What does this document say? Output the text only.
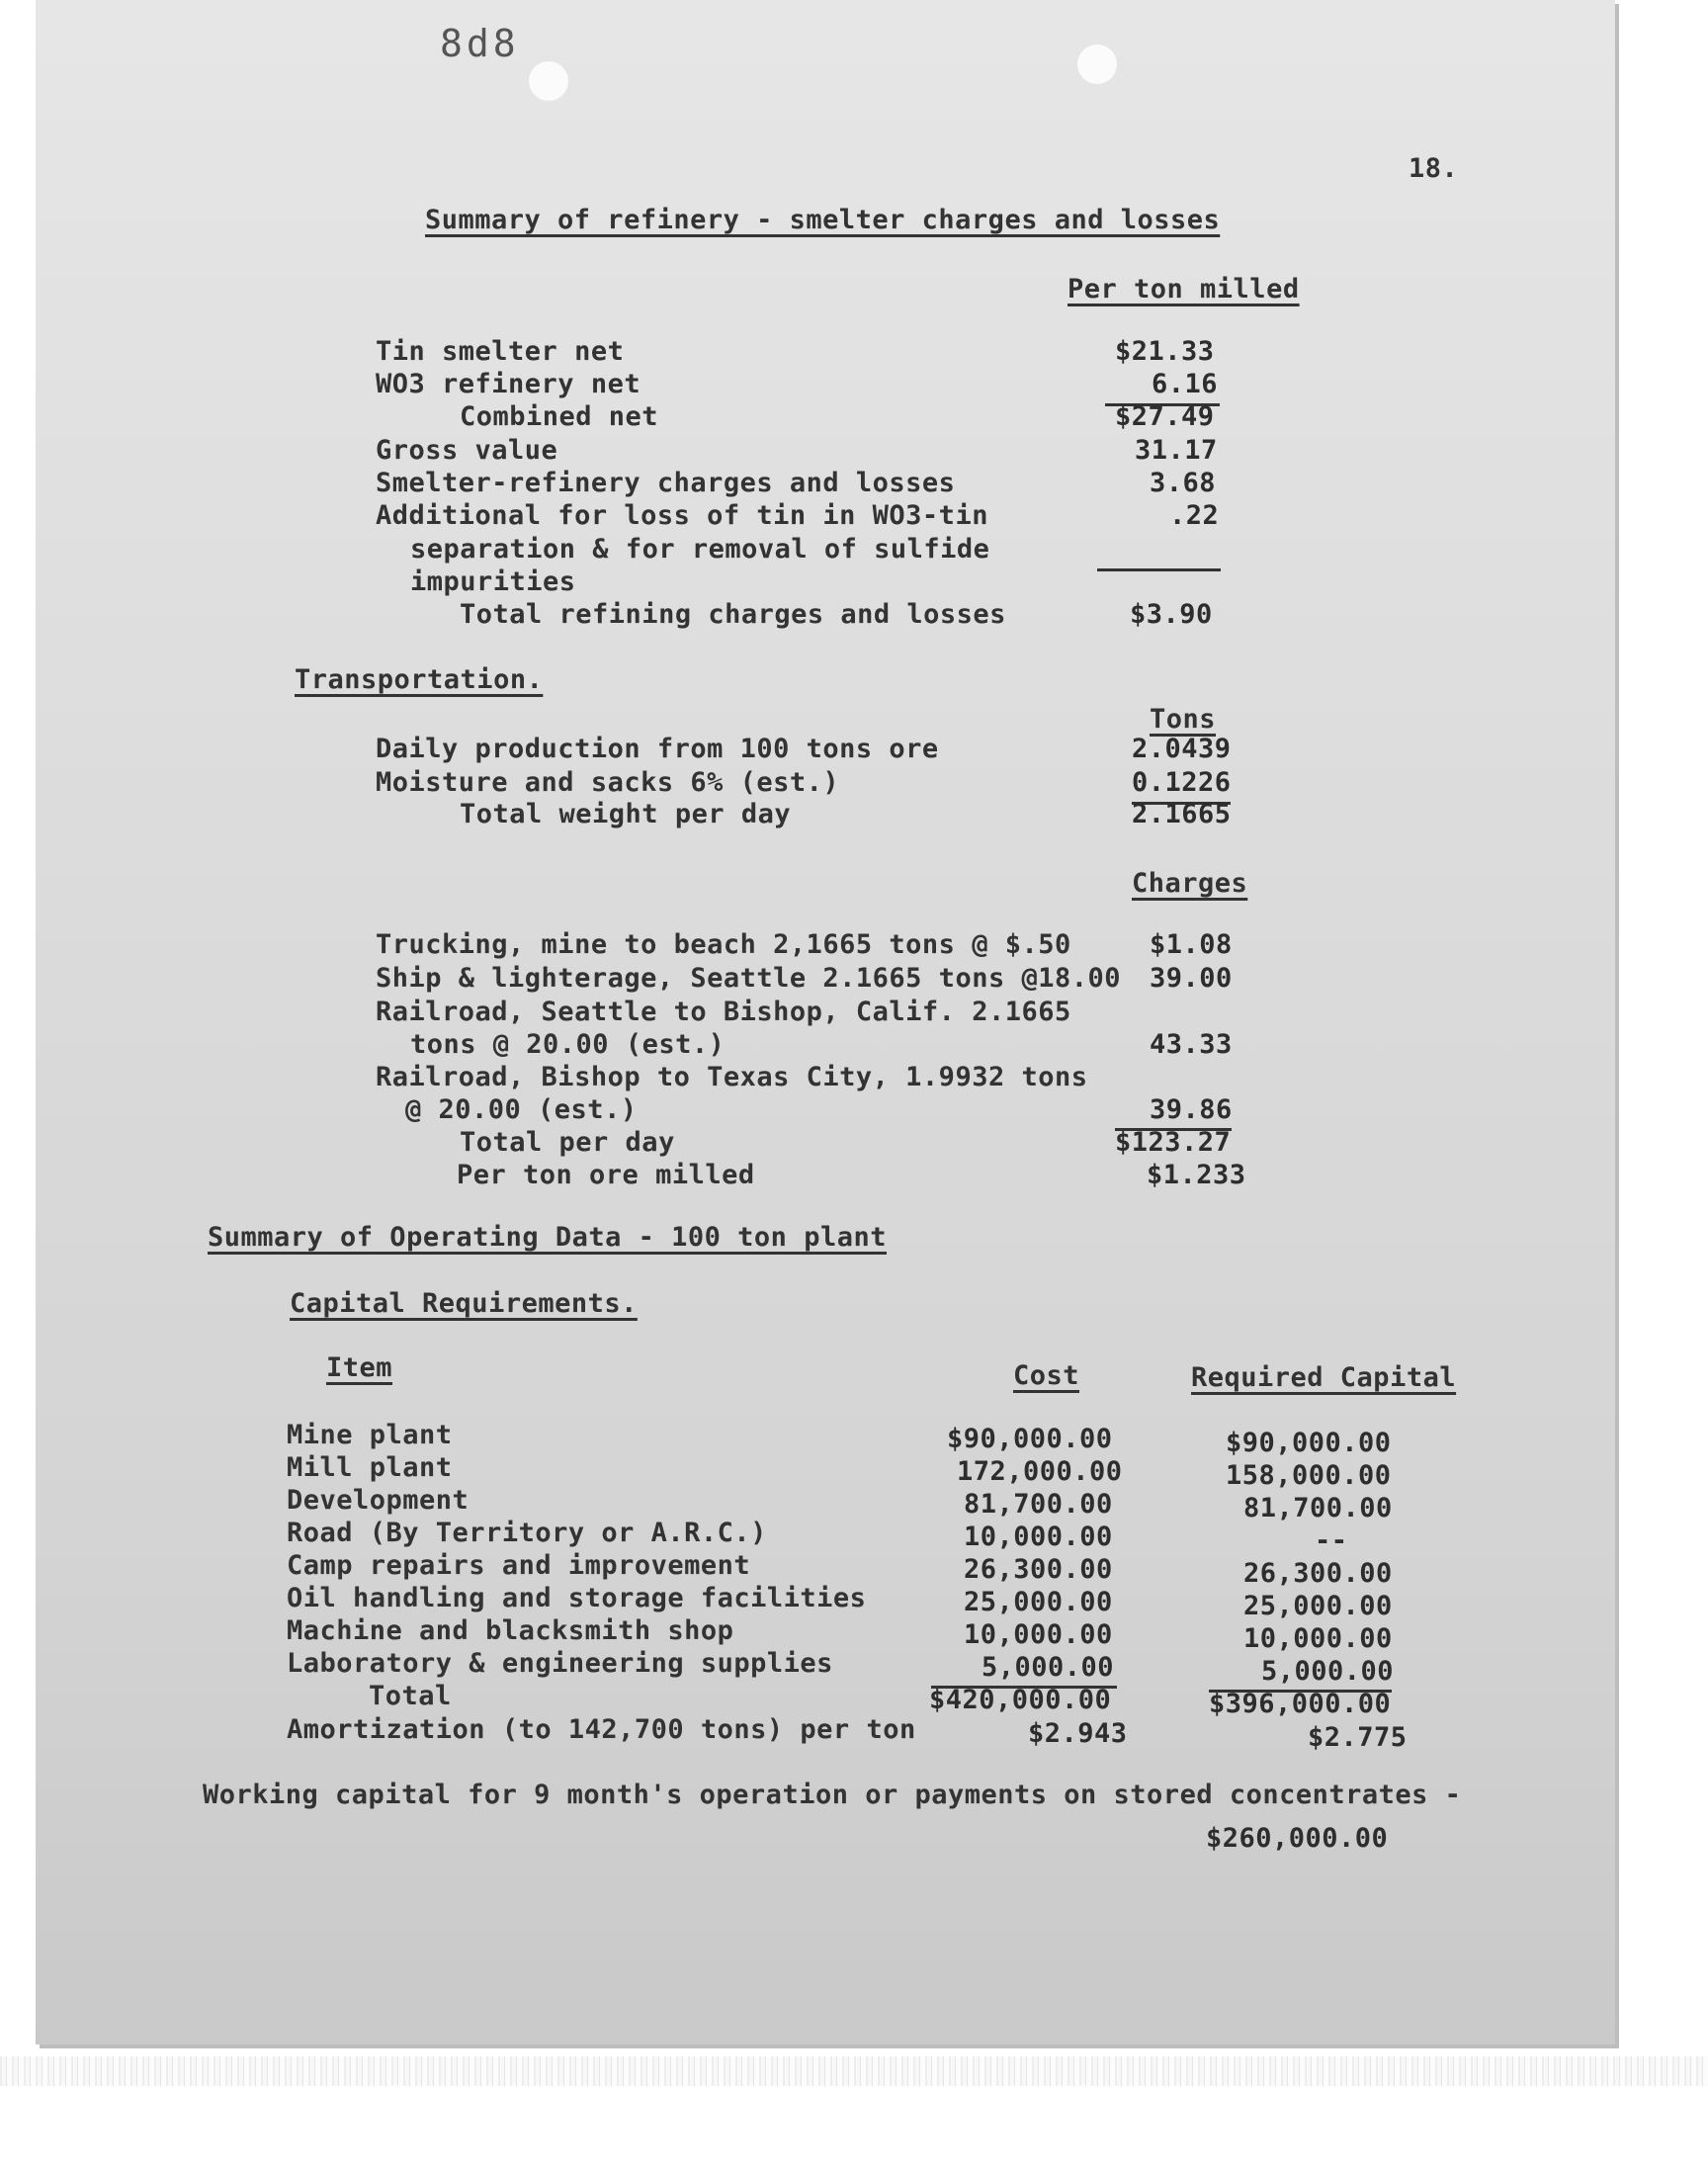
8d8
18.
Summary of refinery - smelter charges and losses
Per ton milled
Tin smelter net	$21.33
WO3 refinery net	6.16
Combined net	$27.49
Gross value	31.17
Smelter-refinery charges and losses	3.68
Additional for loss of tin in WO3-tin	.22
separation & for removal of sulfide
impurities
Total refining charges and losses	$3.90
Transportation.
Tons
Daily production from 100 tons ore	2.0439
Moisture and sacks 6% (est.)	0.1226
Total weight per day	2.1665
Charges
Trucking, mine to beach 2,1665 tons @ $.50	$1.08
Ship & lighterage, Seattle 2.1665 tons @18.00 39.00
Railroad, Seattle to Bishop, Calif. 2.1665
tons @ 20.00 (est.)	43.33
Railroad, Bishop to Texas City, 1.9932 tons
@ 20.00 (est.)	39.86
Total per day	$123.27
Per ton ore milled	$1.233
Summary of Operating Data - 100 ton plant
Capital Requirements.
Item	Cost	Required Capital
Mine plant	$90,000.00	$90,000.00
Mill plant	172,000.00	158,000.00
Development	81,700.00	81,700.00
Road (By Territory or A.R.C.)	10,000.00	--
Camp repairs and improvement	26,300.00	26,300.00
Oil handling and storage facilities	25,000.00	25,000.00
Machine and blacksmith shop	10,000.00	10,000.00
Laboratory & engineering supplies	5,000.00	5,000.00
Total	$420,000.00	$396,000.00
Amortization (to 142,700 tons) per ton	$2.943	$2.775
Working capital for 9 month's operation or payments on stored concentrates -
$260,000.00
